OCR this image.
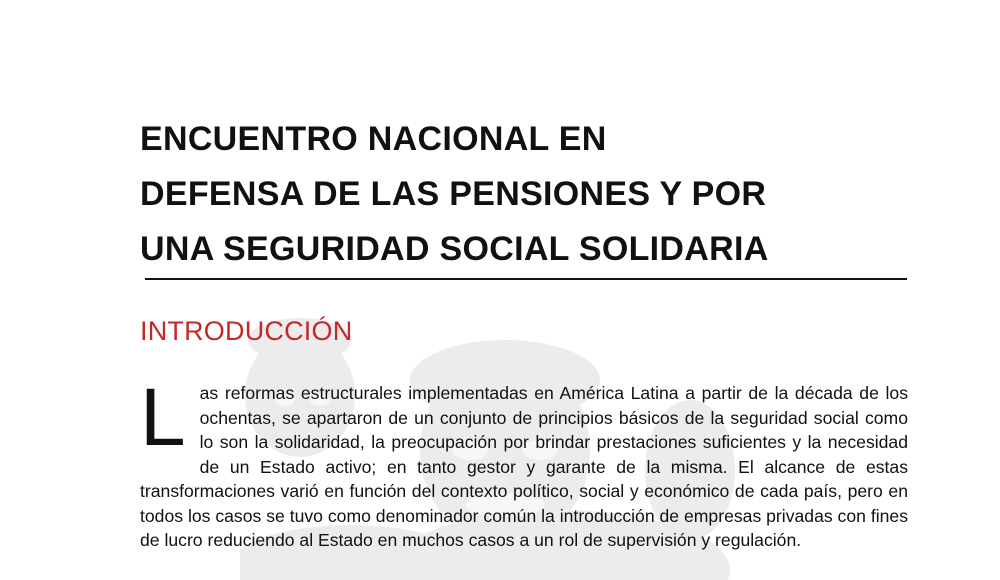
ENCUENTRO NACIONAL EN
DEFENSA DE LAS PENSIONES Y POR
UNA SEGURIDAD SOCIAL SOLIDARIA
INTRODUCCIÓN

Las reformas estructurales implementadas en América Latina a partir de la década de los ochentas, se apartaron de un conjunto de principios básicos de la seguridad social como lo son la solidaridad, la preocupación por brindar prestaciones suficientes y la necesidad de un Estado activo; en tanto gestor y garante de la misma. El alcance de estas transformaciones varió en función del contexto político, social y económico de cada país, pero en todos los casos se tuvo como denominador común la introducción de empresas privadas con fines de lucro reduciendo al Estado en muchos casos a un rol de supervisión y regulación.
